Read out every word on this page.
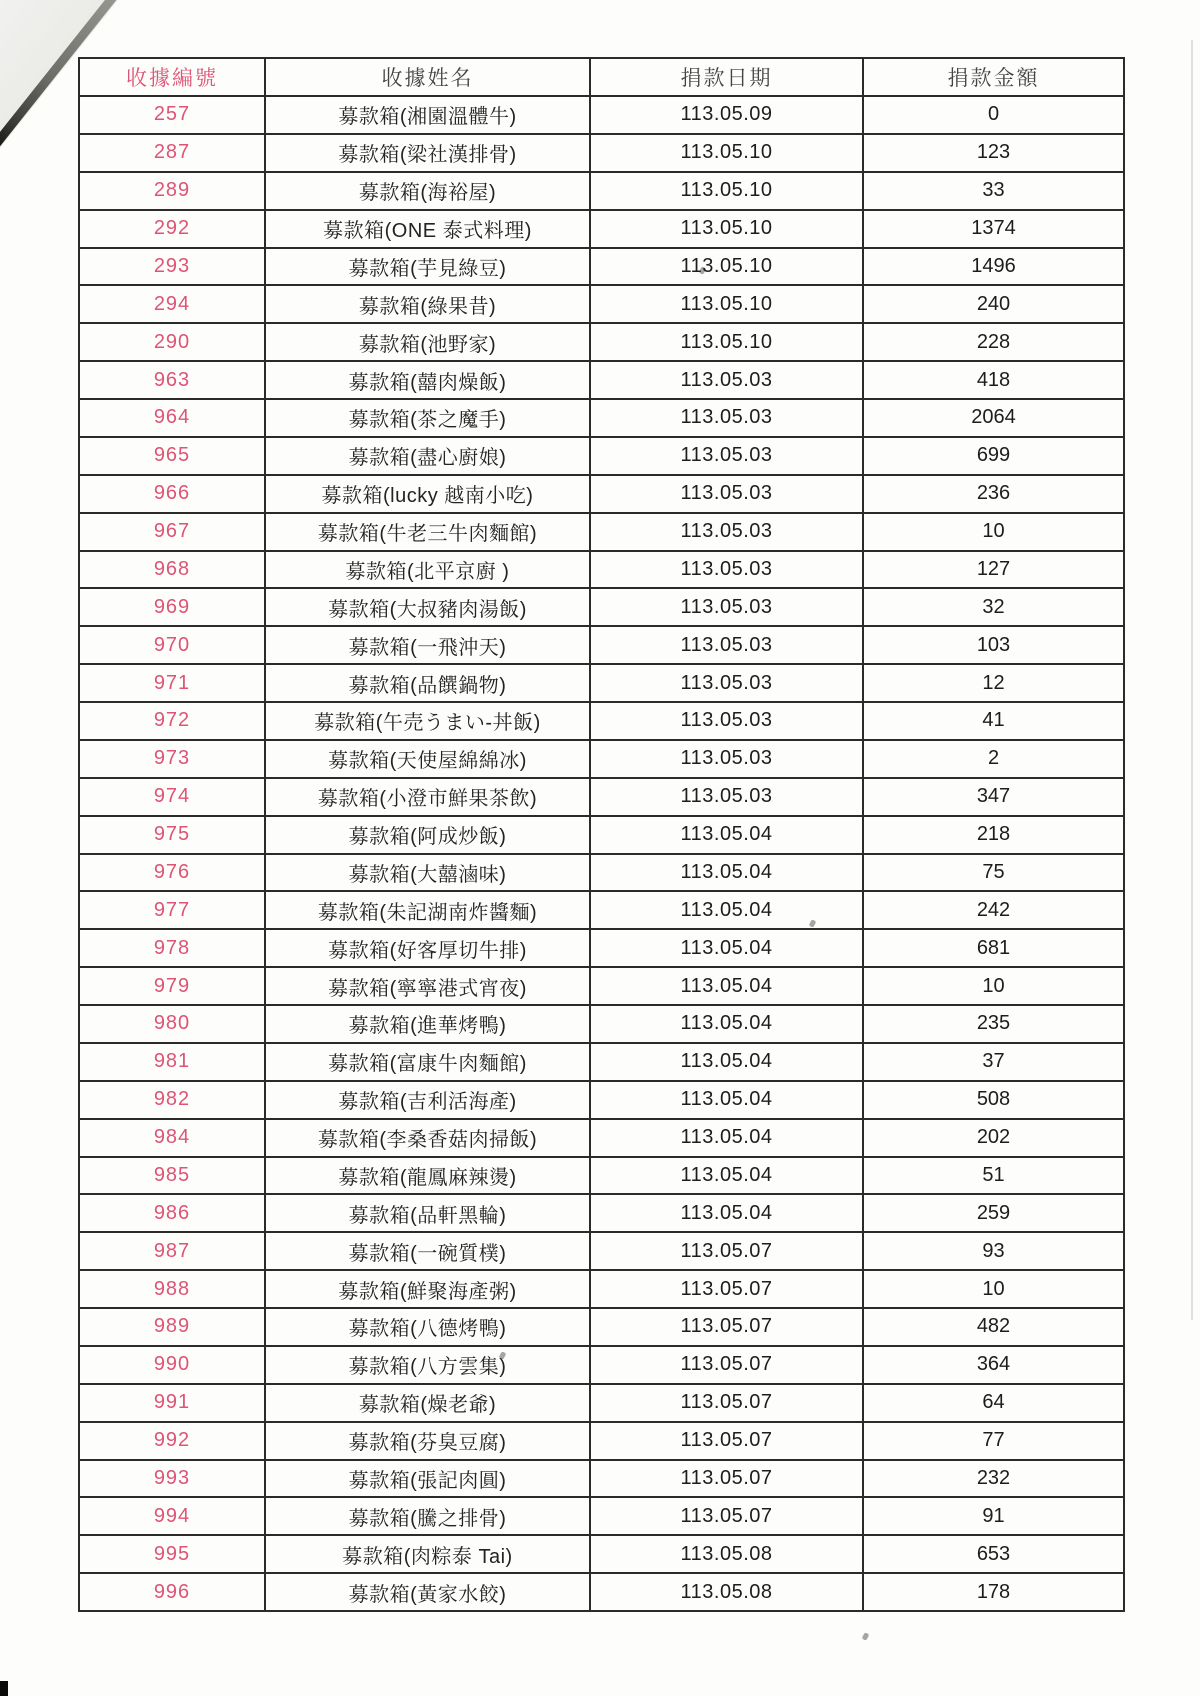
收據編號	收據姓名	捐款日期	捐款金額
257	募款箱(湘園溫體牛)	113.05.09	0
287	募款箱(梁社漢排骨)	113.05.10	123
289	募款箱(海裕屋)	113.05.10	33
292	募款箱(ONE 泰式料理)	113.05.10	1374
293	募款箱(芋見綠豆)	113.05.10	1496
294	募款箱(綠果昔)	113.05.10	240
290	募款箱(池野家)	113.05.10	228
963	募款箱(囍肉燥飯)	113.05.03	418
964	募款箱(茶之魔手)	113.05.03	2064
965	募款箱(盡心廚娘)	113.05.03	699
966	募款箱(lucky 越南小吃)	113.05.03	236
967	募款箱(牛老三牛肉麵館)	113.05.03	10
968	募款箱(北平京廚 )	113.05.03	127
969	募款箱(大叔豬肉湯飯)	113.05.03	32
970	募款箱(一飛沖天)	113.05.03	103
971	募款箱(品饌鍋物)	113.05.03	12
972	募款箱(午売うまい-丼飯)	113.05.03	41
973	募款箱(天使屋綿綿冰)	113.05.03	2
974	募款箱(小澄市鮮果茶飲)	113.05.03	347
975	募款箱(阿成炒飯)	113.05.04	218
976	募款箱(大囍滷味)	113.05.04	75
977	募款箱(朱記湖南炸醬麵)	113.05.04	242
978	募款箱(好客厚切牛排)	113.05.04	681
979	募款箱(寧寧港式宵夜)	113.05.04	10
980	募款箱(進華烤鴨)	113.05.04	235
981	募款箱(富康牛肉麵館)	113.05.04	37
982	募款箱(吉利活海產)	113.05.04	508
984	募款箱(李桑香菇肉掃飯)	113.05.04	202
985	募款箱(龍鳳麻辣燙)	113.05.04	51
986	募款箱(品軒黑輪)	113.05.04	259
987	募款箱(一碗質樸)	113.05.07	93
988	募款箱(鮮聚海產粥)	113.05.07	10
989	募款箱(八德烤鴨)	113.05.07	482
990	募款箱(八方雲集)	113.05.07	364
991	募款箱(燥老爺)	113.05.07	64
992	募款箱(芬臭豆腐)	113.05.07	77
993	募款箱(張記肉圓)	113.05.07	232
994	募款箱(騰之排骨)	113.05.07	91
995	募款箱(肉粽泰 Tai)	113.05.08	653
996	募款箱(黃家水餃)	113.05.08	178
